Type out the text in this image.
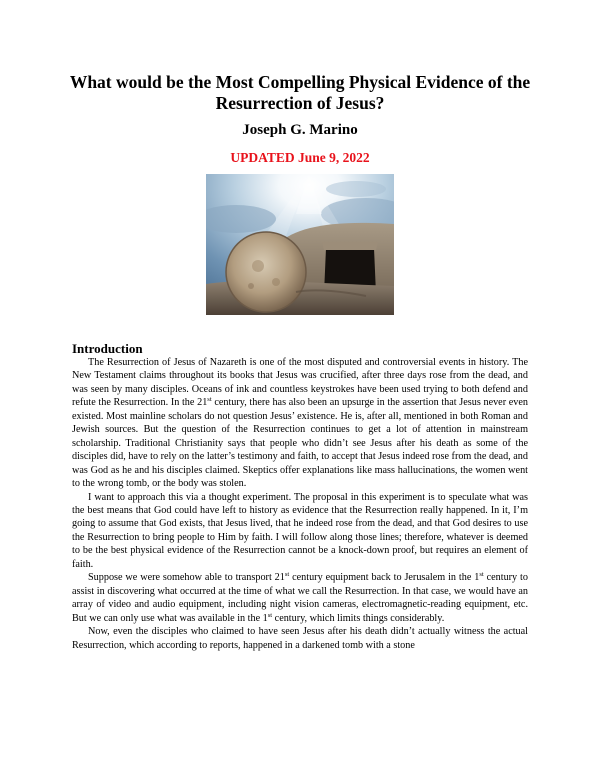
What would be the Most Compelling Physical Evidence of the Resurrection of Jesus?
Joseph G. Marino
UPDATED June 9, 2022
Introduction

The Resurrection of Jesus of Nazareth is one of the most disputed and controversial events in history. The New Testament claims throughout its books that Jesus was crucified, after three days rose from the dead, and was seen by many disciples. Oceans of ink and countless keystrokes have been used trying to both defend and refute the Resurrection. In the 21st century, there has also been an upsurge in the assertion that Jesus never even existed. Most mainline scholars do not question Jesus’ existence. He is, after all, mentioned in both Roman and Jewish sources. But the question of the Resurrection continues to get a lot of attention in mainstream scholarship. Traditional Christianity says that people who didn’t see Jesus after his death as some of the disciples did, have to rely on the latter’s testimony and faith, to accept that Jesus indeed rose from the dead, and was God as he and his disciples claimed. Skeptics offer explanations like mass hallucinations, the women went to the wrong tomb, or the body was stolen.

I want to approach this via a thought experiment. The proposal in this experiment is to speculate what was the best means that God could have left to history as evidence that the Resurrection really happened. In it, I’m going to assume that God exists, that Jesus lived, that he indeed rose from the dead, and that God desires to use the Resurrection to bring people to Him by faith. I will follow along those lines; therefore, whatever is deemed to be the best physical evidence of the Resurrection cannot be a knock-down proof, but requires an element of faith.

Suppose we were somehow able to transport 21st century equipment back to Jerusalem in the 1st century to assist in discovering what occurred at the time of what we call the Resurrection. In that case, we would have an array of video and audio equipment, including night vision cameras, electromagnetic-reading equipment, etc. But we can only use what was available in the 1st century, which limits things considerably.

Now, even the disciples who claimed to have seen Jesus after his death didn’t actually witness the actual Resurrection, which according to reports, happened in a darkened tomb with a stone
